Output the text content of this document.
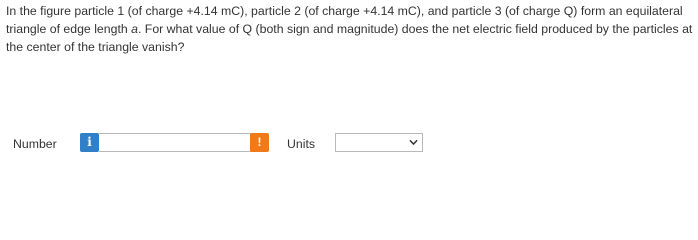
In the figure particle 1 (of charge +4.14 mC), particle 2 (of charge +4.14 mC), and particle 3 (of charge Q) form an equilateral triangle of edge length a. For what value of Q (both sign and magnitude) does the net electric field produced by the particles at the center of the triangle vanish?
Number	i	!	Units
